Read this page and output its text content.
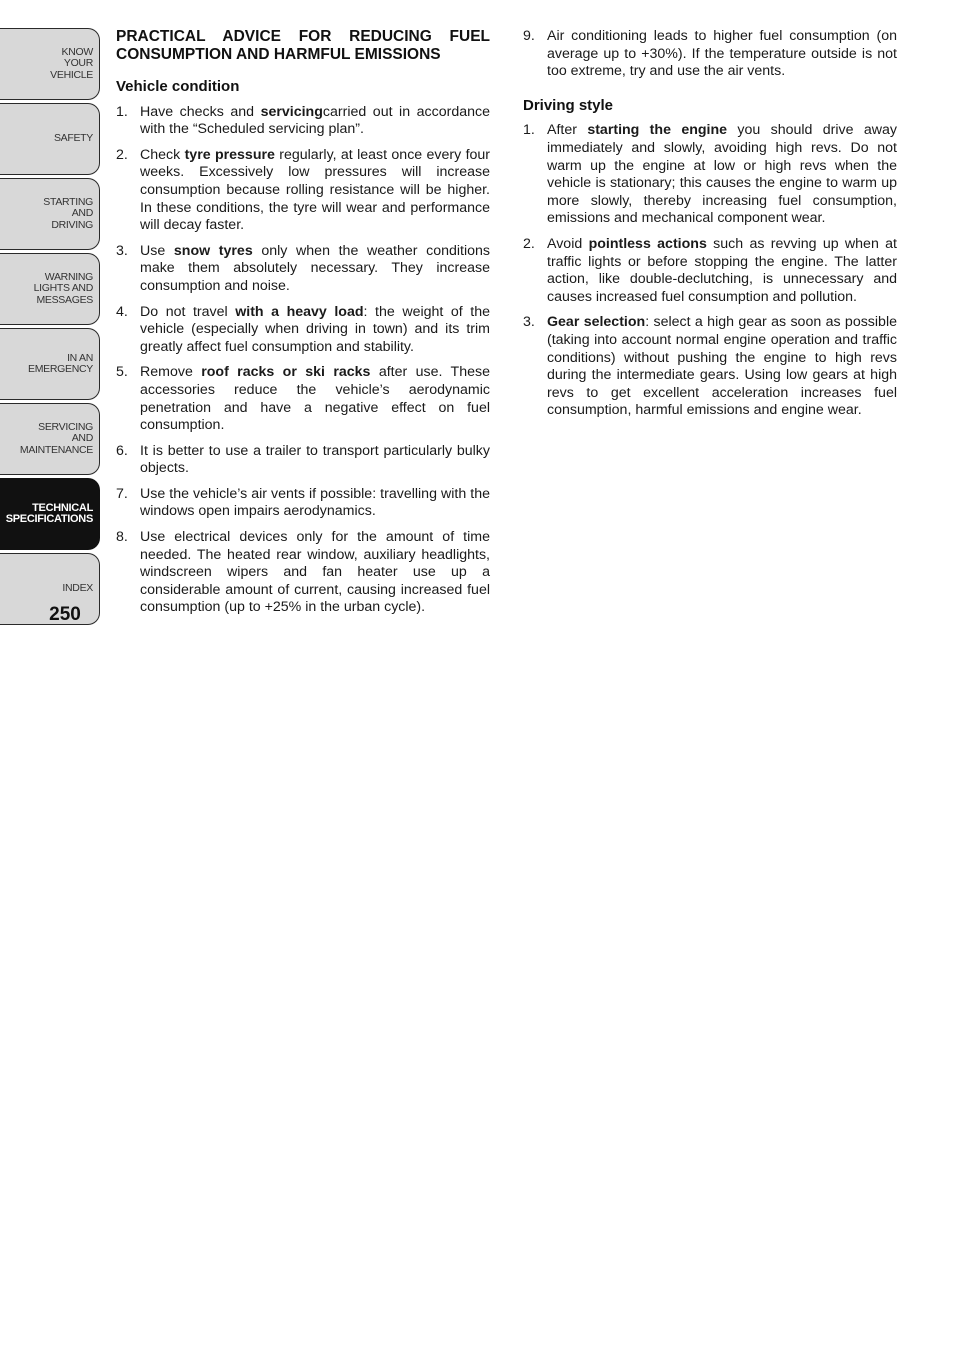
KNOW
YOUR
VEHICLE
SAFETY
STARTING
AND
DRIVING
WARNING
LIGHTS AND
MESSAGES
IN AN
EMERGENCY
SERVICING
AND
MAINTENANCE
TECHNICAL
SPECIFICATIONS
INDEX
250
PRACTICAL ADVICE FOR REDUCING FUEL CONSUMPTION AND HARMFUL EMISSIONS
Vehicle condition
1. Have checks and servicingcarried out in accordance with the “Scheduled servicing plan”.
2. Check tyre pressure regularly, at least once every four weeks. Excessively low pressures will increase consumption because rolling resistance will be higher. In these conditions, the tyre will wear and performance will decay faster.
3. Use snow tyres only when the weather conditions make them absolutely necessary. They increase consumption and noise.
4. Do not travel with a heavy load: the weight of the vehicle (especially when driving in town) and its trim greatly affect fuel consumption and stability.
5. Remove roof racks or ski racks after use. These accessories reduce the vehicle’s aerodynamic penetration and have a negative effect on fuel consumption.
6. It is better to use a trailer to transport particularly bulky objects.
7. Use the vehicle’s air vents if possible: travelling with the windows open impairs aerodynamics.
8. Use electrical devices only for the amount of time needed. The heated rear window, auxiliary headlights, windscreen wipers and fan heater use up a considerable amount of current, causing increased fuel consumption (up to +25% in the urban cycle).
9. Air conditioning leads to higher fuel consumption (on average up to +30%). If the temperature outside is not too extreme, try and use the air vents.
Driving style
1. After starting the engine you should drive away immediately and slowly, avoiding high revs. Do not warm up the engine at low or high revs when the vehicle is stationary; this causes the engine to warm up more slowly, thereby increasing fuel consumption, emissions and mechanical component wear.
2. Avoid pointless actions such as revving up when at traffic lights or before stopping the engine. The latter action, like double-declutching, is unnecessary and causes increased fuel consumption and pollution.
3. Gear selection: select a high gear as soon as possible (taking into account normal engine operation and traffic conditions) without pushing the engine to high revs during the intermediate gears. Using low gears at high revs to get excellent acceleration increases fuel consumption, harmful emissions and engine wear.
